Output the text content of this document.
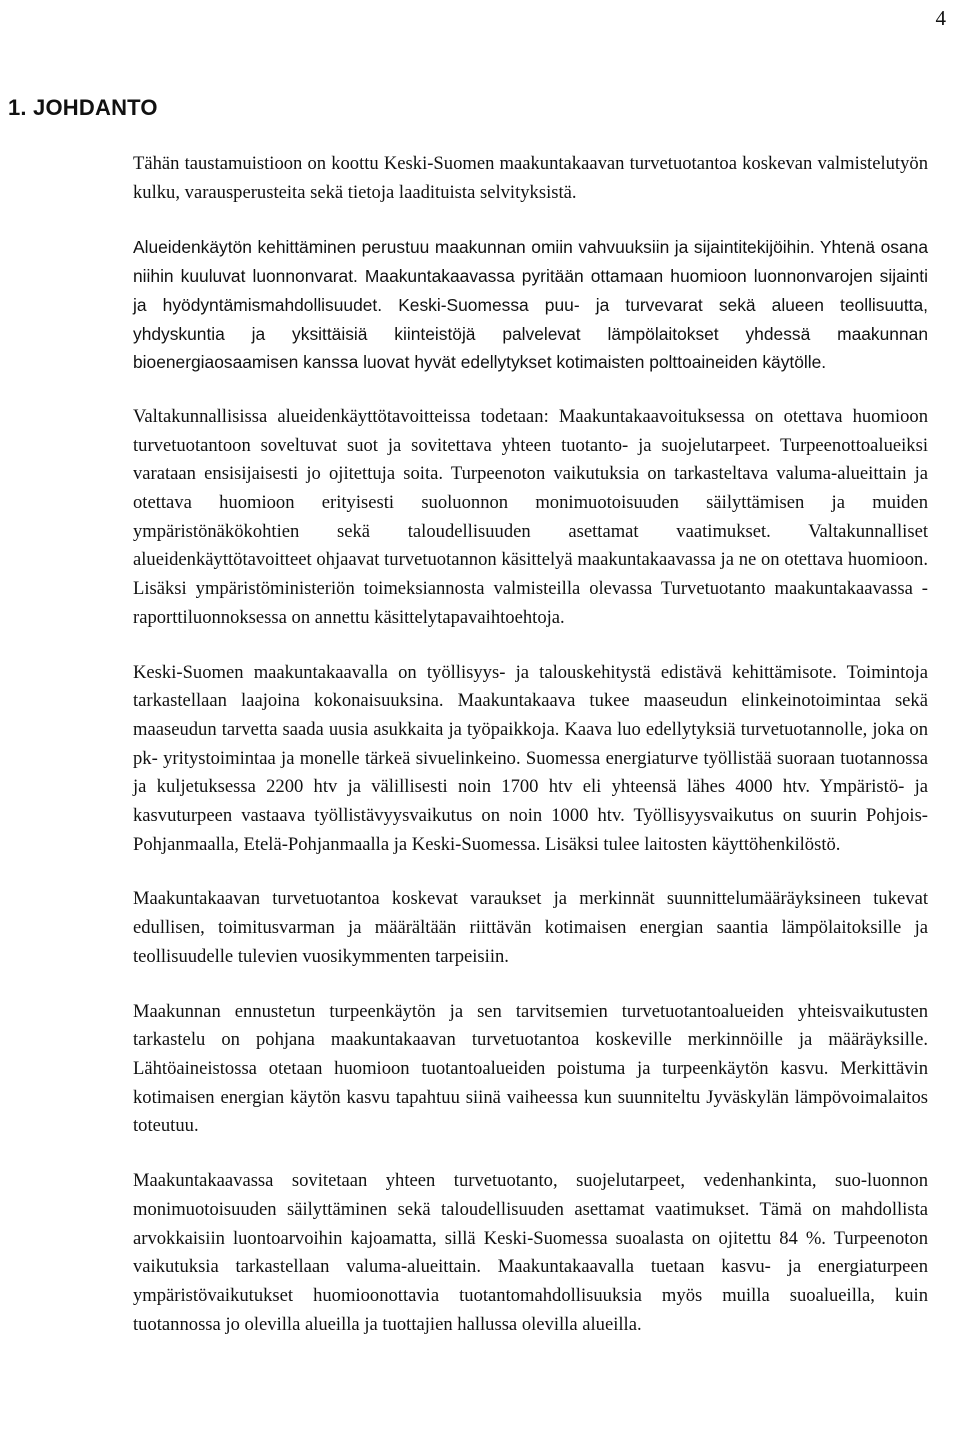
4
1. JOHDANTO

Tähän taustamuistioon on koottu Keski-Suomen maakuntakaavan turvetuotantoa koskevan valmistelutyön kulku, varausperusteita sekä tietoja laadituista selvityksistä.

Alueidenkäytön kehittäminen perustuu maakunnan omiin vahvuuksiin ja sijaintitekijöihin. Yhtenä osana niihin kuuluvat luonnonvarat. Maakuntakaavassa pyritään ottamaan huomioon luonnonvarojen sijainti ja hyödyntämismahdollisuudet. Keski-Suomessa puu- ja turvevarat sekä alueen teollisuutta, yhdyskuntia ja yksittäisiä kiinteistöjä palvelevat lämpölaitokset yhdessä maakunnan bioenergiaosaamisen kanssa luovat hyvät edellytykset kotimaisten polttoaineiden käytölle.

Valtakunnallisissa alueidenkäyttötavoitteissa todetaan: Maakuntakaavoituksessa on otettava huomioon turvetuotantoon soveltuvat suot ja sovitettava yhteen tuotanto- ja suojelutarpeet. Turpeenottoalueiksi varataan ensisijaisesti jo ojitettuja soita. Turpeenoton vaikutuksia on tarkasteltava valuma-alueittain ja otettava huomioon erityisesti suoluonnon monimuotoisuuden säilyttämisen ja muiden ympäristönäkökohtien sekä taloudellisuuden asettamat vaatimukset. Valtakunnalliset alueidenkäyttötavoitteet ohjaavat turvetuotannon käsittelyä maakuntakaavassa ja ne on otettava huomioon. Lisäksi ympäristöministeriön toimeksiannosta valmisteilla olevassa Turvetuotanto maakuntakaavassa -raporttiluonnoksessa on annettu käsittelytapavaihtoehtoja.

Keski-Suomen maakuntakaavalla on työllisyys- ja talouskehitystä edistävä kehittämisote. Toimintoja tarkastellaan laajoina kokonaisuuksina. Maakuntakaava tukee maaseudun elinkeinotoimintaa sekä maaseudun tarvetta saada uusia asukkaita ja työpaikkoja. Kaava luo edellytyksiä turvetuotannolle, joka on pk- yritystoimintaa ja monelle tärkeä sivuelinkeino. Suomessa energiaturve työllistää suoraan tuotannossa ja kuljetuksessa 2200 htv ja välillisesti noin 1700 htv eli yhteensä lähes 4000 htv. Ympäristö- ja kasvuturpeen vastaava työllistävyysvaikutus on noin 1000 htv. Työllisyysvaikutus on suurin Pohjois-Pohjanmaalla, Etelä-Pohjanmaalla ja Keski-Suomessa. Lisäksi tulee laitosten käyttöhenkilöstö.

Maakuntakaavan turvetuotantoa koskevat varaukset ja merkinnät suunnittelumääräyksineen tukevat edullisen, toimitusvarman ja määrältään riittävän kotimaisen energian saantia lämpölaitoksille ja teollisuudelle tulevien vuosikymmenten tarpeisiin.

Maakunnan ennustetun turpeenkäytön ja sen tarvitsemien turvetuotantoalueiden yhteisvaikutusten tarkastelu on pohjana maakuntakaavan turvetuotantoa koskeville merkinnöille ja määräyksille. Lähtöaineistossa otetaan huomioon tuotantoalueiden poistuma ja turpeenkäytön kasvu. Merkittävin kotimaisen energian käytön kasvu tapahtuu siinä vaiheessa kun suunniteltu Jyväskylän lämpövoimalaitos toteutuu.

Maakuntakaavassa sovitetaan yhteen turvetuotanto, suojelutarpeet, vedenhankinta, suo-luonnon monimuotoisuuden säilyttäminen sekä taloudellisuuden asettamat vaatimukset. Tämä on mahdollista arvokkaisiin luontoarvoihin kajoamatta, sillä Keski-Suomessa suoalasta on ojitettu 84 %. Turpeenoton vaikutuksia tarkastellaan valuma-alueittain. Maakuntakaavalla tuetaan kasvu- ja energiaturpeen ympäristövaikutukset huomioonottavia tuotantomahdollisuuksia myös muilla suoalueilla, kuin tuotannossa jo olevilla alueilla ja tuottajien hallussa olevilla alueilla.
